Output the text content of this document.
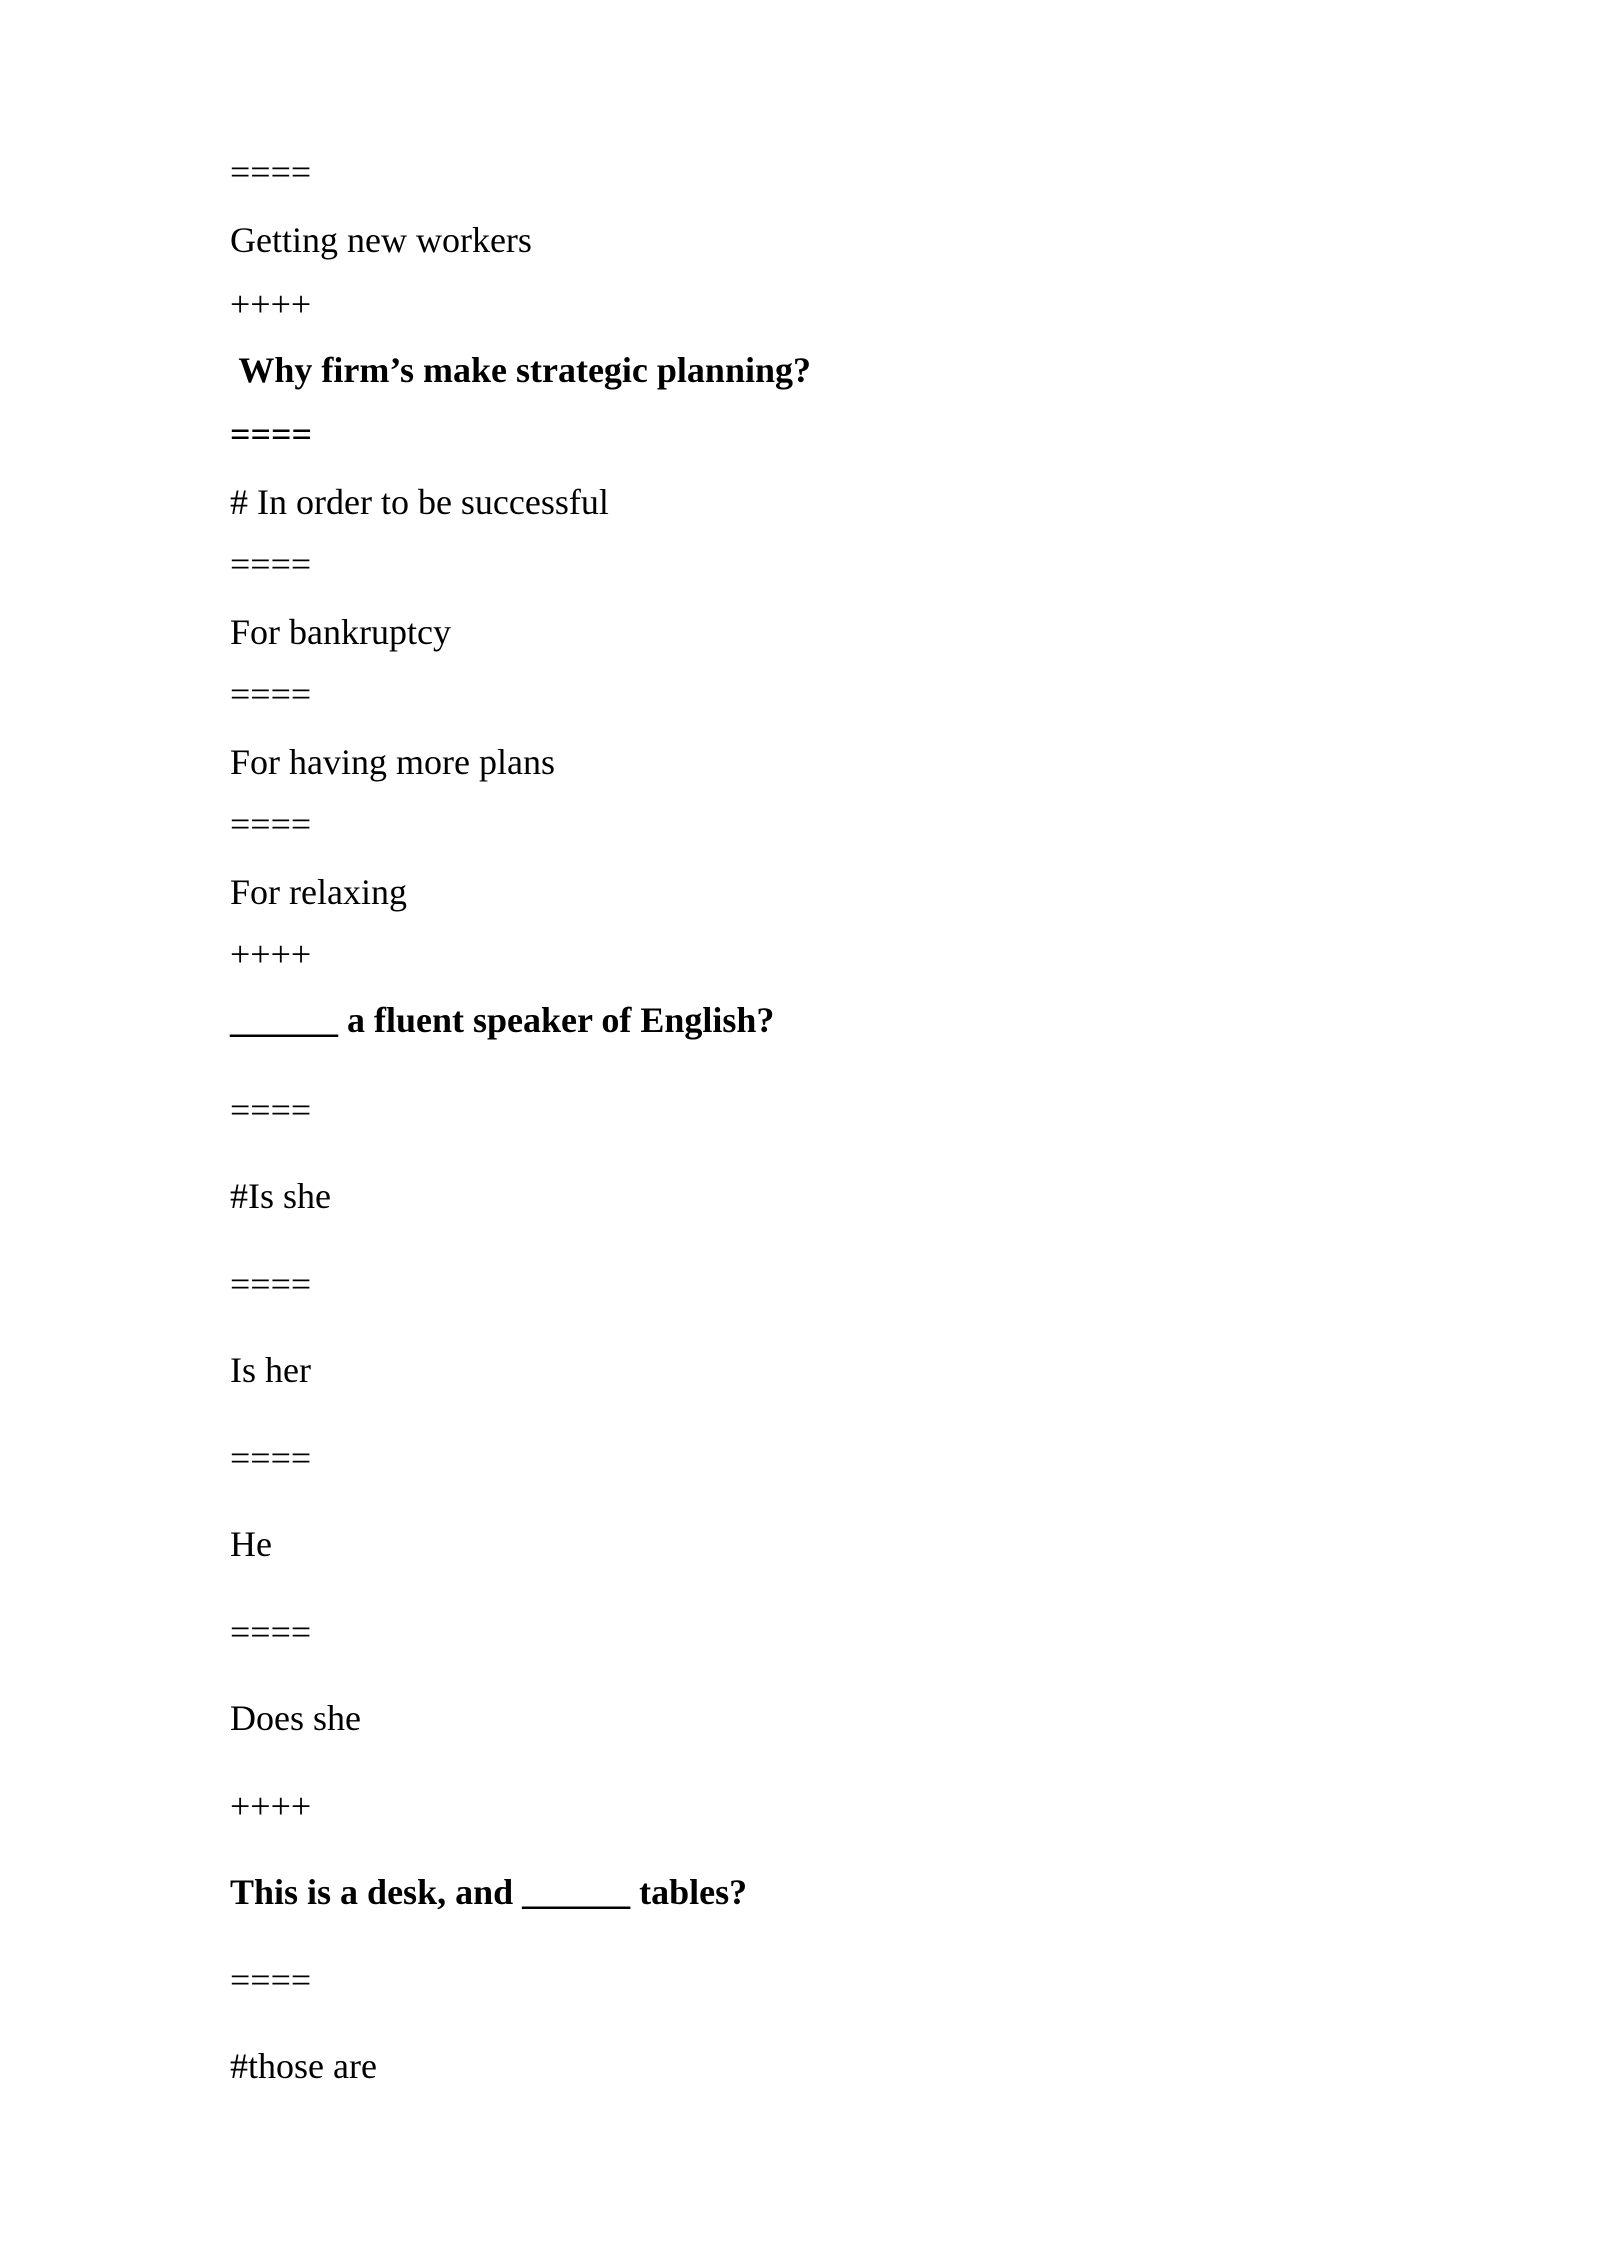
====

Getting new workers

++++

Why firm’s make strategic planning?

====

# In order to be successful

====

For bankruptcy

====

For having more plans

====

For relaxing

++++

______ a fluent speaker of English?

====

#Is she

====

Is her

====

He

====

Does she

++++

This is a desk, and ______ tables?

====

#those are
